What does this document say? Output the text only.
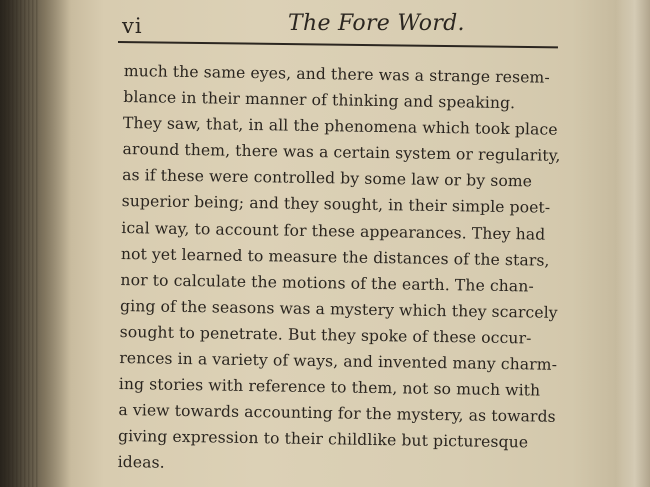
vi	The Fore Word.
much the same eyes, and there was a strange resem-
blance in their manner of thinking and speaking.
They saw, that, in all the phenomena which took place
around them, there was a certain system or regularity,
as if these were controlled by some law or by some
superior being; and they sought, in their simple poet-
ical way, to account for these appearances. They had
not yet learned to measure the distances of the stars,
nor to calculate the motions of the earth. The chan-
ging of the seasons was a mystery which they scarcely
sought to penetrate. But they spoke of these occur-
rences in a variety of ways, and invented many charm-
ing stories with reference to them, not so much with
a view towards accounting for the mystery, as towards
giving expression to their childlike but picturesque
ideas.
